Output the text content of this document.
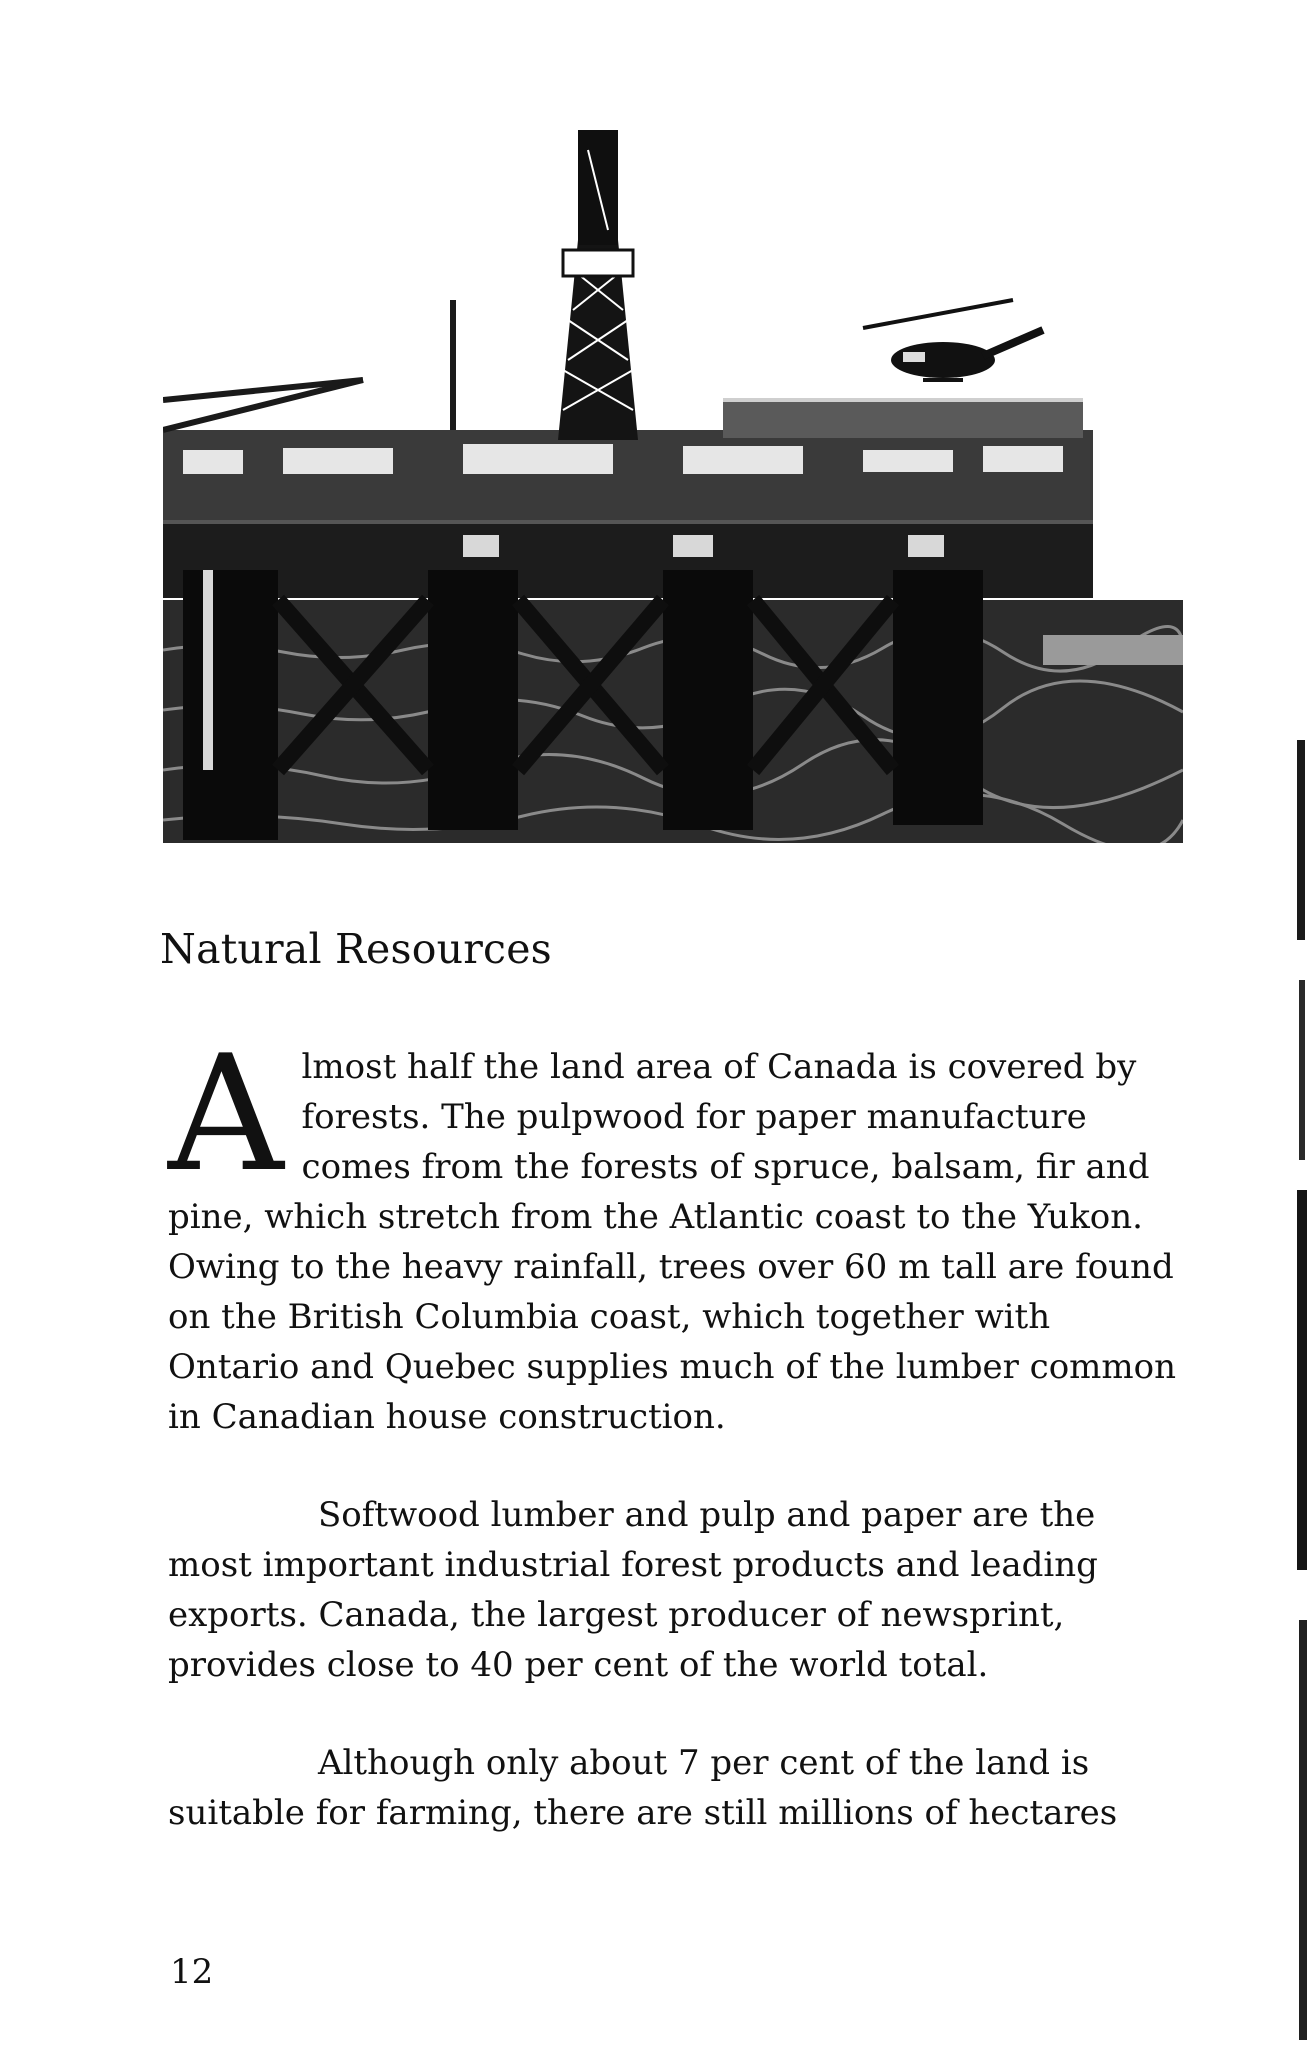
Natural Resources

Almost half the land area of Canada is covered by forests. The pulpwood for paper manufacture comes from the forests of spruce, balsam, fir and pine, which stretch from the Atlantic coast to the Yukon. Owing to the heavy rainfall, trees over 60 m tall are found on the British Columbia coast, which together with Ontario and Quebec supplies much of the lumber common in Canadian house construction.

Softwood lumber and pulp and paper are the most important industrial forest products and leading exports. Canada, the largest producer of newsprint, provides close to 40 per cent of the world total.

Although only about 7 per cent of the land is suitable for farming, there are still millions of hectares

12
